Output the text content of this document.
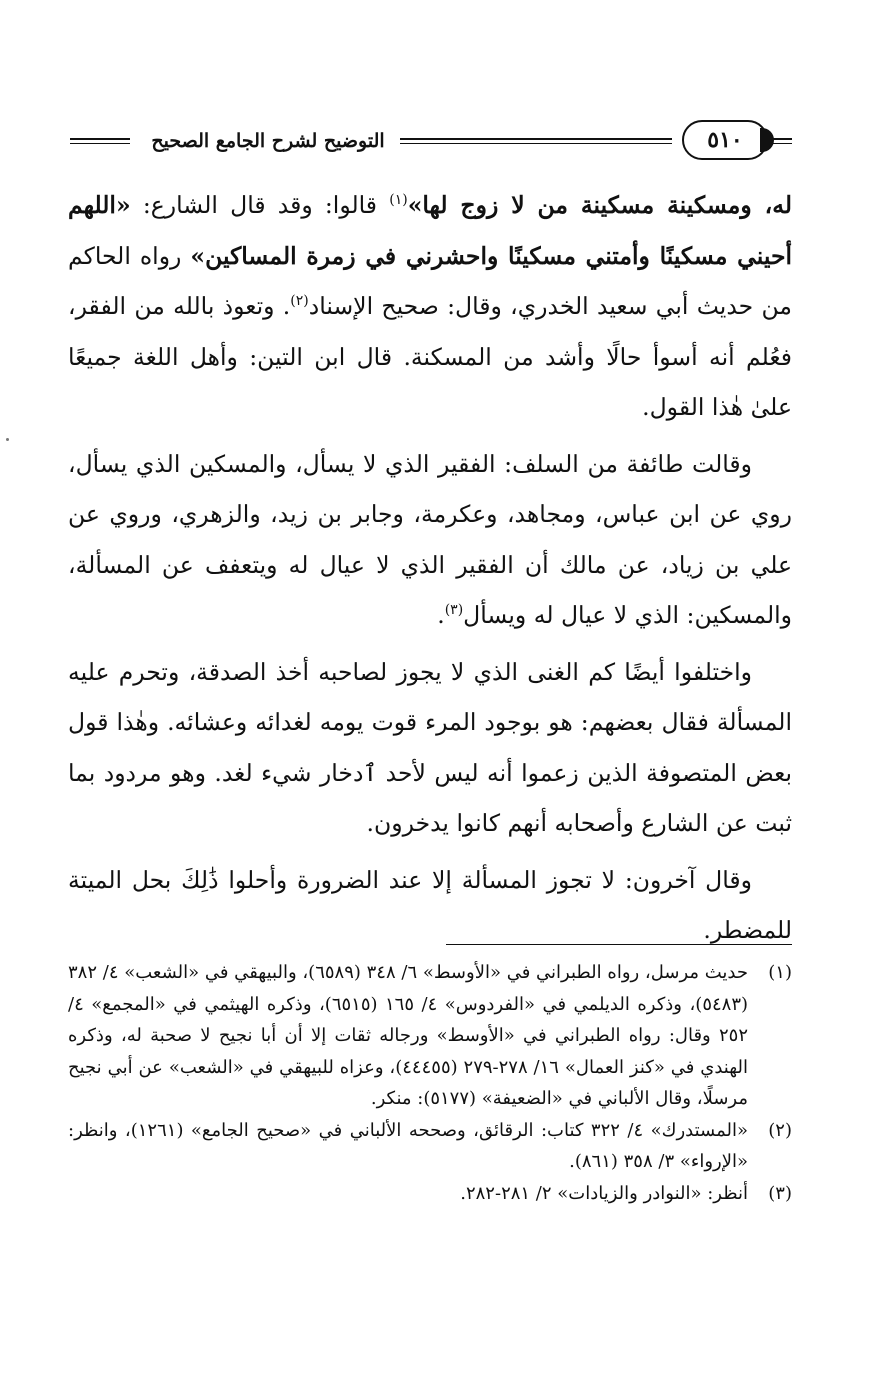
التوضيح لشرح الجامع الصحيح	٥١٠

له، ومسكينة مسكينة من لا زوج لها»$^{(١)}$ قالوا: وقد قال الشارع: «اللهم أحيني مسكينًا وأمتني مسكينًا واحشرني في زمرة المساكين» رواه الحاكم من حديث أبي سعيد الخدري، وقال: صحيح الإسناد$^{(٢)}$. وتعوذ بالله من الفقر، فعُلم أنه أسوأ حالًا وأشد من المسكنة. قال ابن التين: وأهل اللغة جميعًا علىٰ هٰذا القول.

وقالت طائفة من السلف: الفقير الذي لا يسأل، والمسكين الذي يسأل، روي عن ابن عباس، ومجاهد، وعكرمة، وجابر بن زيد، والزهري، وروي عن علي بن زياد، عن مالك أن الفقير الذي لا عيال له ويتعفف عن المسألة، والمسكين: الذي لا عيال له ويسأل$^{(٣)}$.

واختلفوا أيضًا كم الغنى الذي لا يجوز لصاحبه أخذ الصدقة، وتحرم عليه المسألة فقال بعضهم: هو بوجود المرء قوت يومه لغدائه وعشائه. وهٰذا قول بعض المتصوفة الذين زعموا أنه ليس لأحد ٱدخار شيء لغد. وهو مردود بما ثبت عن الشارع وأصحابه أنهم كانوا يدخرون.

وقال آخرون: لا تجوز المسألة إلا عند الضرورة وأحلوا ذَٰلِكَ بحل الميتة للمضطر.

(١)
حديث مرسل، رواه الطبراني في «الأوسط» ٦/ ٣٤٨ (٦٥٨٩)، والبيهقي في «الشعب» ٤/ ٣٨٢ (٥٤٨٣)، وذكره الديلمي في «الفردوس» ٤/ ١٦٥ (٦٥١٥)، وذكره الهيثمي في «المجمع» ٤/ ٢٥٢ وقال: رواه الطبراني في «الأوسط» ورجاله ثقات إلا أن أبا نجيح لا صحبة له، وذكره الهندي في «كنز العمال» ١٦/ ٢٧٨-٢٧٩ (٤٤٤٥٥)، وعزاه للبيهقي في «الشعب» عن أبي نجيح مرسلًا، وقال الألباني في «الضعيفة» (٥١٧٧): منكر.
(٢)
«المستدرك» ٤/ ٣٢٢ كتاب: الرقائق، وصححه الألباني في «صحيح الجامع» (١٢٦١)، وانظر: «الإرواء» ٣/ ٣٥٨ (٨٦١).
(٣)
أنظر: «النوادر والزيادات» ٢/ ٢٨١-٢٨٢.
